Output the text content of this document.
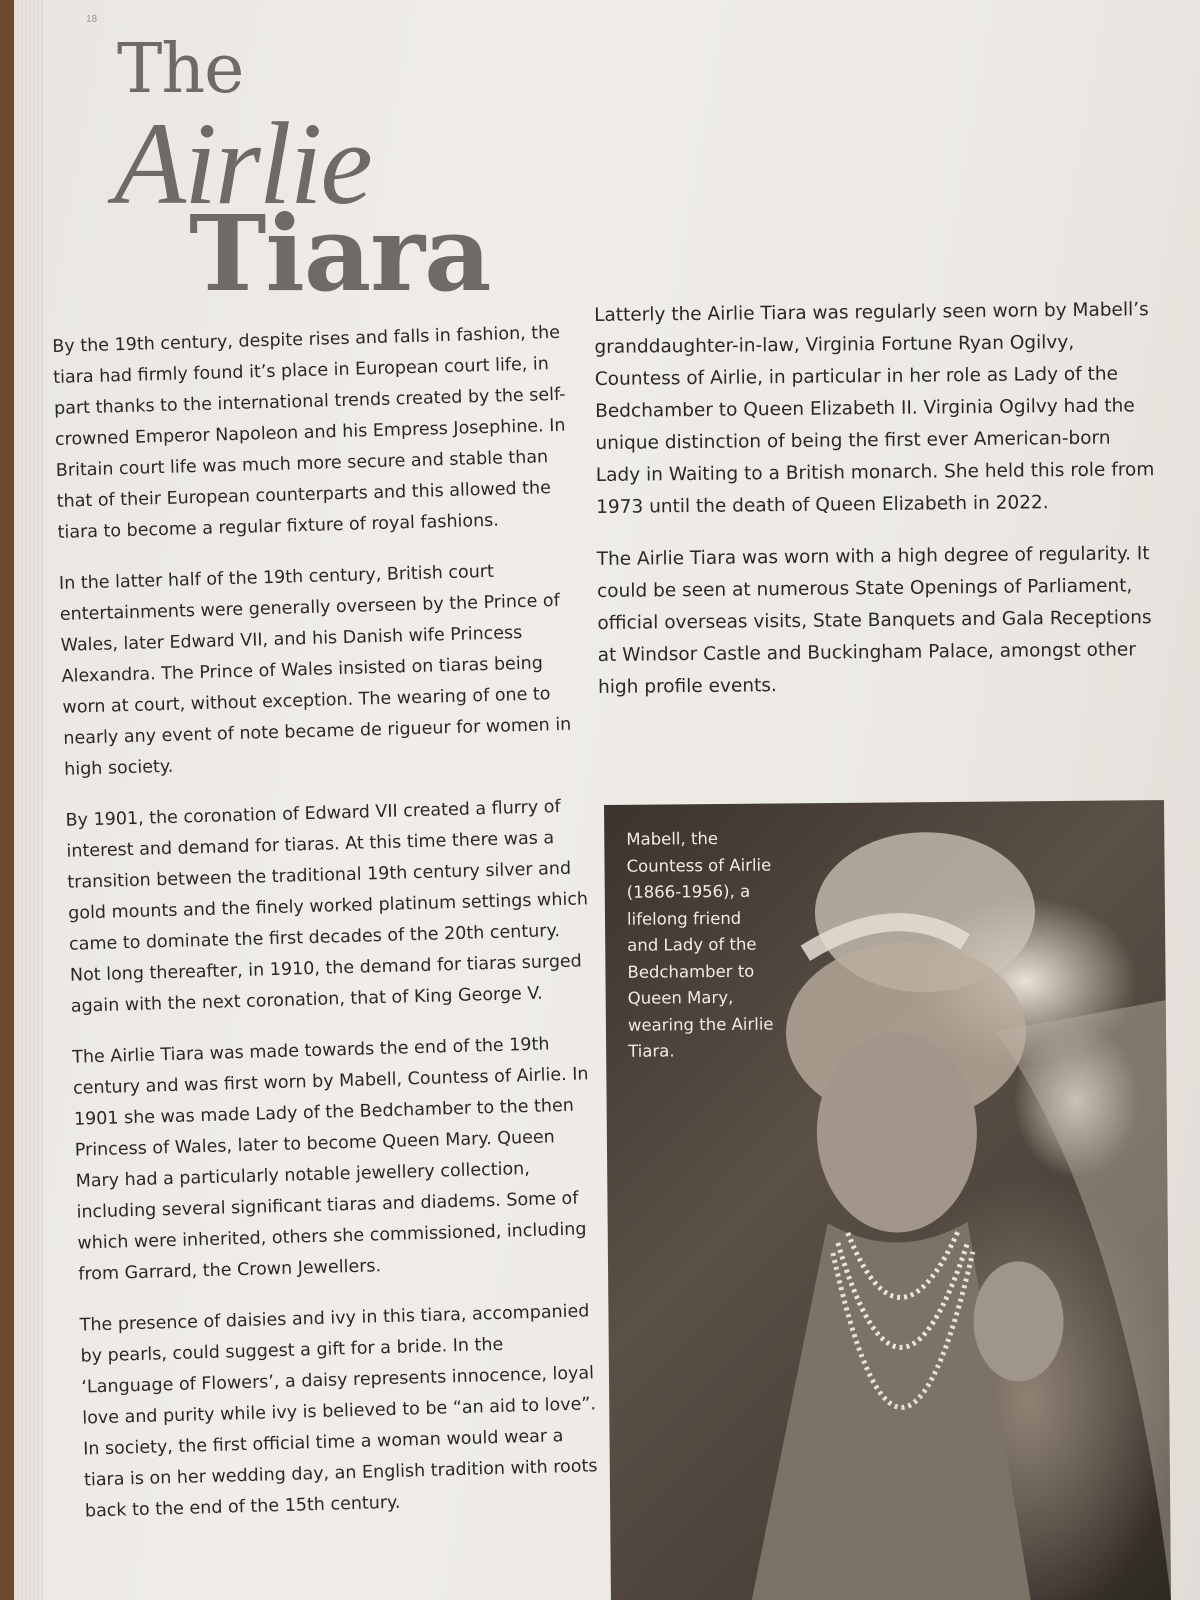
18
The
Airlie
Tiara

By the 19th century, despite rises and falls in fashion, the tiara had firmly found it’s place in European court life, in part thanks to the international trends created by the self-crowned Emperor Napoleon and his Empress Josephine. In Britain court life was much more secure and stable than that of their European counterparts and this allowed the tiara to become a regular fixture of royal fashions.

In the latter half of the 19th century, British court entertainments were generally overseen by the Prince of Wales, later Edward VII, and his Danish wife Princess Alexandra. The Prince of Wales insisted on tiaras being worn at court, without exception. The wearing of one to nearly any event of note became de rigueur for women in high society.

By 1901, the coronation of Edward VII created a flurry of interest and demand for tiaras. At this time there was a transition between the traditional 19th century silver and gold mounts and the finely worked platinum settings which came to dominate the first decades of the 20th century. Not long thereafter, in 1910, the demand for tiaras surged again with the next coronation, that of King George V.

The Airlie Tiara was made towards the end of the 19th century and was first worn by Mabell, Countess of Airlie. In 1901 she was made Lady of the Bedchamber to the then Princess of Wales, later to become Queen Mary. Queen Mary had a particularly notable jewellery collection, including several significant tiaras and diadems. Some of which were inherited, others she commissioned, including from Garrard, the Crown Jewellers.

The presence of daisies and ivy in this tiara, accompanied by pearls, could suggest a gift for a bride. In the ‘Language of Flowers’, a daisy represents innocence, loyal love and purity while ivy is believed to be “an aid to love”. In society, the first official time a woman would wear a tiara is on her wedding day, an English tradition with roots back to the end of the 15th century.

Latterly the Airlie Tiara was regularly seen worn by Mabell’s granddaughter-in-law, Virginia Fortune Ryan Ogilvy, Countess of Airlie, in particular in her role as Lady of the Bedchamber to Queen Elizabeth II. Virginia Ogilvy had the unique distinction of being the first ever American-born Lady in Waiting to a British monarch. She held this role from 1973 until the death of Queen Elizabeth in 2022.

The Airlie Tiara was worn with a high degree of regularity. It could be seen at numerous State Openings of Parliament, official overseas visits, State Banquets and Gala Receptions at Windsor Castle and Buckingham Palace, amongst other high profile events.

Mabell, the Countess of Airlie (1866-1956), a lifelong friend and Lady of the Bedchamber to Queen Mary, wearing the Airlie Tiara.
